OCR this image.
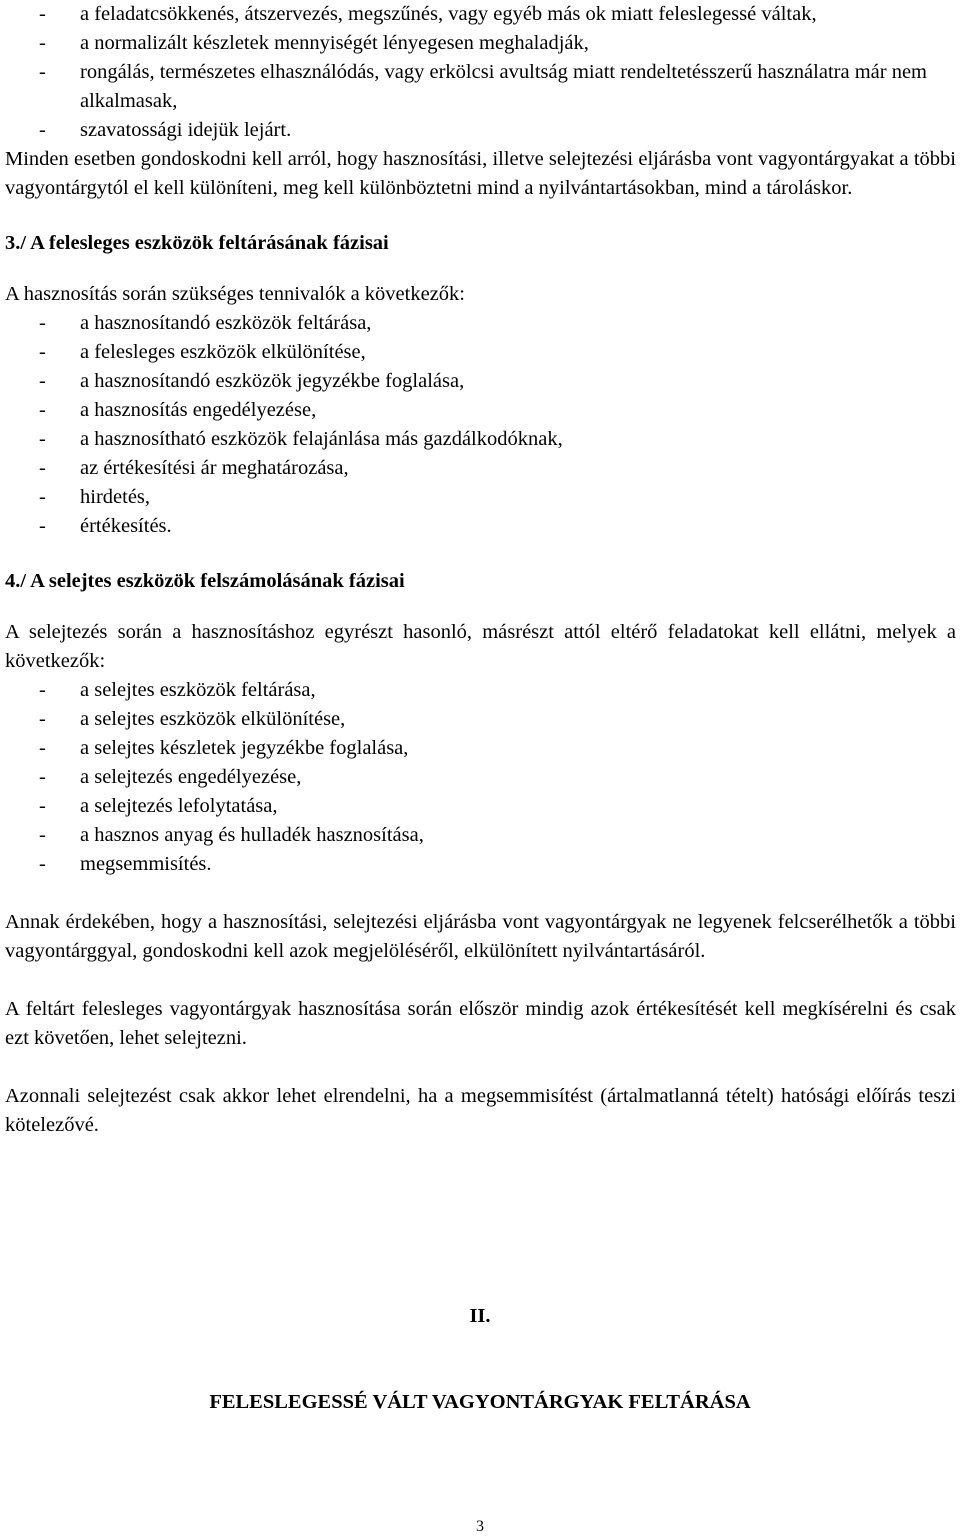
- a feladatcsökkenés, átszervezés, megszűnés, vagy egyéb más ok miatt feleslegessé váltak,
- a normalizált készletek mennyiségét lényegesen meghaladják,
- rongálás, természetes elhasználódás, vagy erkölcsi avultság miatt rendeltetésszerű használatra már nem alkalmasak,
- szavatossági idejük lejárt.

Minden esetben gondoskodni kell arról, hogy hasznosítási, illetve selejtezési eljárásba vont vagyontárgyakat a többi vagyontárgytól el kell különíteni, meg kell különböztetni mind a nyilvántartásokban, mind a tároláskor.

3./ A felesleges eszközök feltárásának fázisai

A hasznosítás során szükséges tennivalók a következők:

- a hasznosítandó eszközök feltárása,
- a felesleges eszközök elkülönítése,
- a hasznosítandó eszközök jegyzékbe foglalása,
- a hasznosítás engedélyezése,
- a hasznosítható eszközök felajánlása más gazdálkodóknak,
- az értékesítési ár meghatározása,
- hirdetés,
- értékesítés.

4./ A selejtes eszközök felszámolásának fázisai

A selejtezés során a hasznosításhoz egyrészt hasonló, másrészt attól eltérő feladatokat kell ellátni, melyek a következők:

- a selejtes eszközök feltárása,
- a selejtes eszközök elkülönítése,
- a selejtes készletek jegyzékbe foglalása,
- a selejtezés engedélyezése,
- a selejtezés lefolytatása,
- a hasznos anyag és hulladék hasznosítása,
- megsemmisítés.

Annak érdekében, hogy a hasznosítási, selejtezési eljárásba vont vagyontárgyak ne legyenek felcserélhetők a többi vagyontárggyal, gondoskodni kell azok megjelöléséről, elkülönített nyilvántartásáról.

A feltárt felesleges vagyontárgyak hasznosítása során először mindig azok értékesítését kell megkísérelni és csak ezt követően, lehet selejtezni.

Azonnali selejtezést csak akkor lehet elrendelni, ha a megsemmisítést (ártalmatlanná tételt) hatósági előírás teszi kötelezővé.

II.

FELESLEGESSÉ VÁLT VAGYONTÁRGYAK FELTÁRÁSA

3
